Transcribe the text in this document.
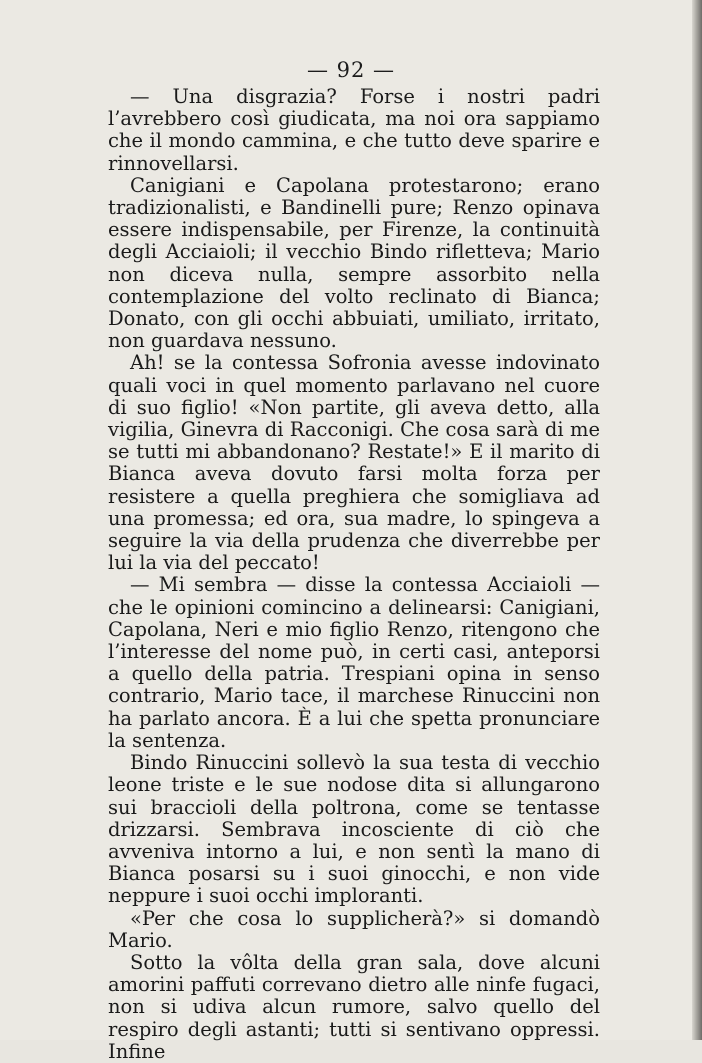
— 92 —

— Una disgrazia? Forse i nostri padri l’avrebbero così giudicata, ma noi ora sappiamo che il mondo cammina, e che tutto deve sparire e rinnovellarsi.

Canigiani e Capolana protestarono; erano tradizionalisti, e Bandinelli pure; Renzo opinava essere indispensabile, per Firenze, la continuità degli Acciaioli; il vecchio Bindo rifletteva; Mario non diceva nulla, sempre assorbito nella contemplazione del volto reclinato di Bianca; Donato, con gli occhi abbuiati, umiliato, irritato, non guardava nessuno.

Ah! se la contessa Sofronia avesse indovinato quali voci in quel momento parlavano nel cuore di suo figlio! «Non partite, gli aveva detto, alla vigilia, Ginevra di Racconigi. Che cosa sarà di me se tutti mi abbandonano? Restate!» E il marito di Bianca aveva dovuto farsi molta forza per resistere a quella preghiera che somigliava ad una promessa; ed ora, sua madre, lo spingeva a seguire la via della prudenza che diverrebbe per lui la via del peccato!

— Mi sembra — disse la contessa Acciaioli — che le opinioni comincino a delinearsi: Canigiani, Capolana, Neri e mio figlio Renzo, ritengono che l’interesse del nome può, in certi casi, anteporsi a quello della patria. Trespiani opina in senso contrario, Mario tace, il marchese Rinuccini non ha parlato ancora. È a lui che spetta pronunciare la sentenza.

Bindo Rinuccini sollevò la sua testa di vecchio leone triste e le sue nodose dita si allungarono sui braccioli della poltrona, come se tentasse drizzarsi. Sembrava incosciente di ciò che avveniva intorno a lui, e non sentì la mano di Bianca posarsi su i suoi ginocchi, e non vide neppure i suoi occhi imploranti.

«Per che cosa lo supplicherà?» si domandò Mario.

Sotto la vôlta della gran sala, dove alcuni amorini paffuti correvano dietro alle ninfe fugaci, non si udiva alcun rumore, salvo quello del respiro degli astanti; tutti si sentivano oppressi. Infine
